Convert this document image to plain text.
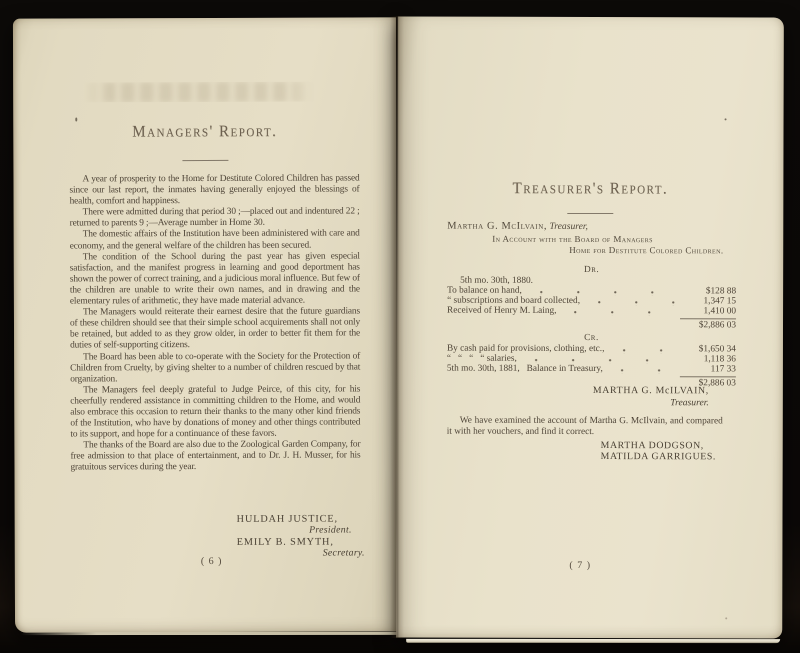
Managers' Report.

A year of prosperity to the Home for Destitute Colored Children has passed since our last report, the inmates having generally enjoyed the blessings of health, comfort and happiness.

There were admitted during that period 30 ;—placed out and indentured 22 ; returned to parents 9 ;—Average number in Home 30.

The domestic affairs of the Institution have been administered with care and economy, and the general welfare of the children has been secured.

The condition of the School during the past year has given especial satisfaction, and the manifest progress in learning and good deportment has shown the power of correct training, and a judicious moral influence. But few of the children are unable to write their own names, and in drawing and the elementary rules of arithmetic, they have made material advance.

The Managers would reiterate their earnest desire that the future guardians of these children should see that their simple school acquirements shall not only be retained, but added to as they grow older, in order to better fit them for the duties of self-supporting citizens.

The Board has been able to co-operate with the Society for the Protection of Children from Cruelty, by giving shelter to a number of children rescued by that organization.

The Managers feel deeply grateful to Judge Peirce, of this city, for his cheerfully rendered assistance in committing children to the Home, and would also embrace this occasion to return their thanks to the many other kind friends of the Institution, who have by donations of money and other things contributed to its support, and hope for a continuance of these favors.

The thanks of the Board are also due to the Zoological Garden Company, for free admission to that place of entertainment, and to Dr. J. H. Musser, for his gratuitous services during the year.

HULDAH JUSTICE,
President.
EMILY B. SMYTH,
Secretary.
( 6 )
Treasurer's Report.
Martha G. McIlvain, Treasurer,
In Account with the Board of Managers
Home for Destitute Colored Children.
Dr.
5th mo. 30th, 1880.
To balance on hand,	$128 88
“ subscriptions and board collected,	1,347 15
Received of Henry M. Laing,	1,410 00
$2,886 03
Cr.
By cash paid for provisions, clothing, etc.,	$1,650 34
“   “   “   “ salaries,	1,118 36
5th mo. 30th, 1881,   Balance in Treasury,	117 33
$2,886 03
MARTHA G. McILVAIN,
Treasurer.

We have examined the account of Martha G. McIlvain, and compared it with her vouchers, and find it correct.

MARTHA DODGSON,
MATILDA GARRIGUES.
( 7 )
